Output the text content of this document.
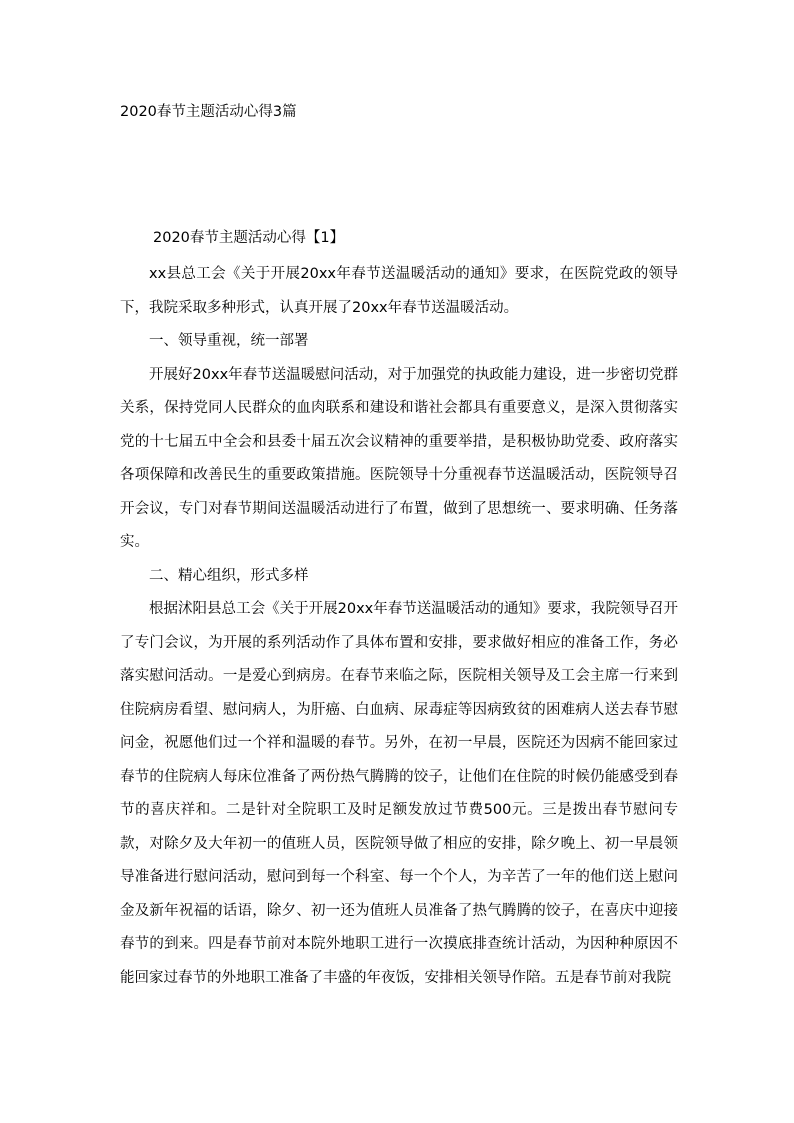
2020春节主题活动心得3篇
2020春节主题活动心得【1】

xx县总工会《关于开展20xx年春节送温暖活动的通知》要求，在医院党政的领导下，我院采取多种形式，认真开展了20xx年春节送温暖活动。

一、领导重视，统一部署

开展好20xx年春节送温暖慰问活动，对于加强党的执政能力建设，进一步密切党群关系，保持党同人民群众的血肉联系和建设和谐社会都具有重要意义，是深入贯彻落实党的十七届五中全会和县委十届五次会议精神的重要举措，是积极协助党委、政府落实各项保障和改善民生的重要政策措施。医院领导十分重视春节送温暖活动，医院领导召开会议，专门对春节期间送温暖活动进行了布置，做到了思想统一、要求明确、任务落实。

二、精心组织，形式多样

根据沭阳县总工会《关于开展20xx年春节送温暖活动的通知》要求，我院领导召开了专门会议，为开展的系列活动作了具体布置和安排，要求做好相应的准备工作，务必落实慰问活动。一是爱心到病房。在春节来临之际，医院相关领导及工会主席一行来到住院病房看望、慰问病人，为肝癌、白血病、尿毒症等因病致贫的困难病人送去春节慰问金，祝愿他们过一个祥和温暖的春节。另外，在初一早晨，医院还为因病不能回家过春节的住院病人每床位准备了两份热气腾腾的饺子，让他们在住院的时候仍能感受到春节的喜庆祥和。二是针对全院职工及时足额发放过节费500元。三是拨出春节慰问专款，对除夕及大年初一的值班人员，医院领导做了相应的安排，除夕晚上、初一早晨领导准备进行慰问活动，慰问到每一个科室、每一个个人，为辛苦了一年的他们送上慰问金及新年祝福的话语，除夕、初一还为值班人员准备了热气腾腾的饺子，在喜庆中迎接春节的到来。四是春节前对本院外地职工进行一次摸底排查统计活动，为因种种原因不能回家过春节的外地职工准备了丰盛的年夜饭，安排相关领导作陪。五是春节前对我院
